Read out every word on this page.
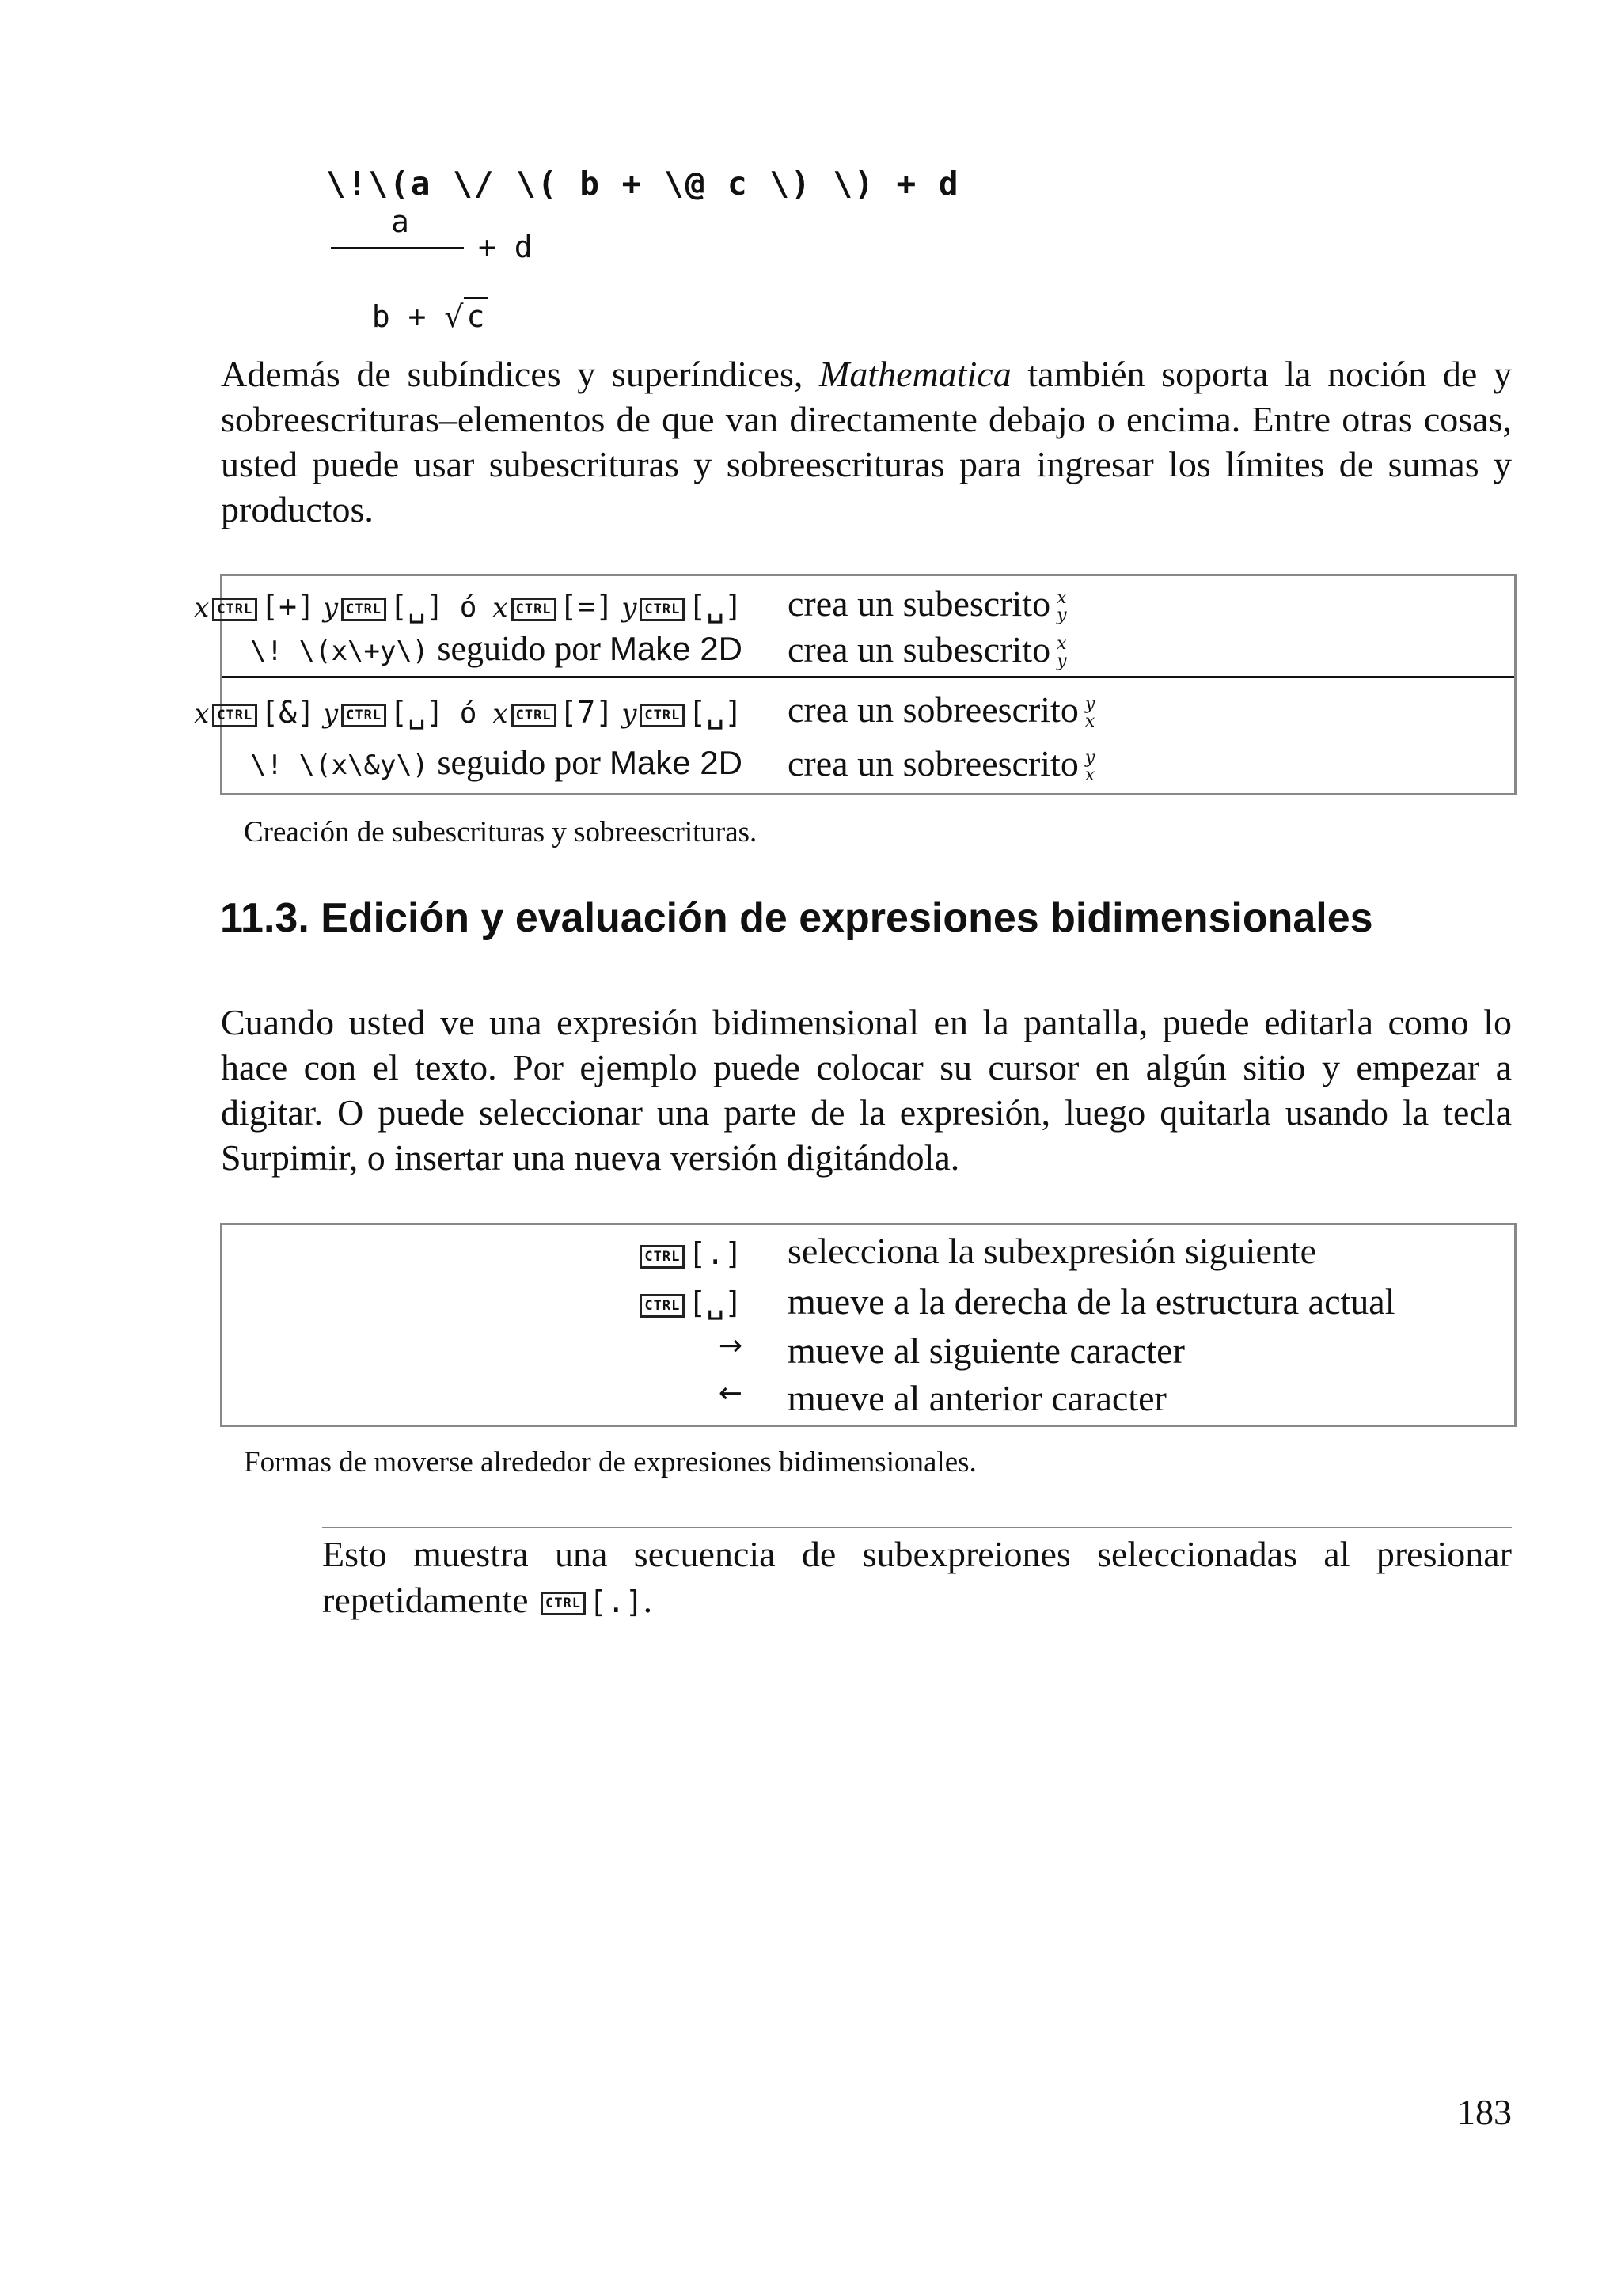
\!\(a \/ \( b + \@ c \) \) + d
a
+ d

b + √ c

Además de subíndices y superíndices, Mathematica también soporta la noción de y sobreescrituras–elementos de que van directamente debajo o encima. Entre otras cosas, usted puede usar subescrituras y sobreescrituras para ingresar los límites de sumas y productos.
x CTRL [+] y CTRL [␣] ó x CTRL [=] y CTRL [␣] crea un subescrito x
y
\! \(x\+y\) seguido por Make 2D crea un subescrito x
y
x CTRL [&] y CTRL [␣] ó x CTRL [7] y CTRL [␣] crea un sobreescrito y
x
\! \(x\&y\) seguido por Make 2D crea un sobreescrito y
x
Creación de subescrituras y sobreescrituras.
11.3. Edición y evaluación de expresiones bidimensionales
Cuando usted ve una expresión bidimensional en la pantalla, puede editarla como lo hace con el texto. Por ejemplo puede colocar su cursor en algún sitio y empezar a digitar. O puede seleccionar una parte de la expresión, luego quitarla usando la tecla Surpimir, o insertar una nueva versión digitándola.
CTRL [.] selecciona la subexpresión siguiente
CTRL [␣] mueve a la derecha de la estructura actual
→ mueve al siguiente caracter
← mueve al anterior caracter
Formas de moverse alrededor de expresiones bidimensionales.
Esto muestra una secuencia de subexpreiones seleccionadas al presionar repetidamente CTRL [.].
183
